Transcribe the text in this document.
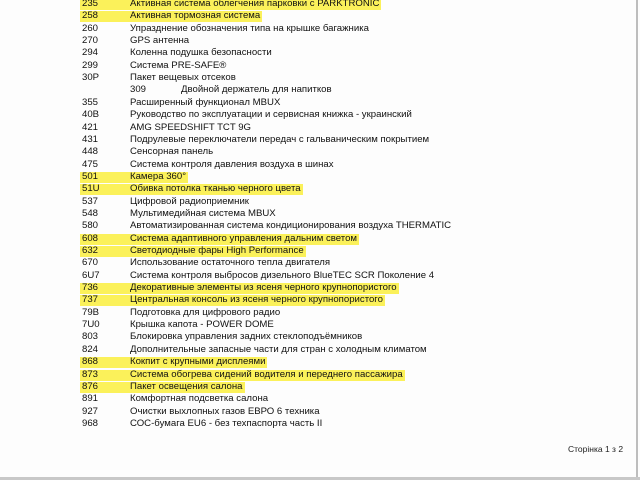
235	Активная система облегчения парковки с PARKTRONIC
258	Активная тормозная система
260	Упразднение обозначения типа на крышке багажника
270	GPS антенна
294	Коленна подушка безопасности
299	Система PRE-SAFE®
30P	Пакет вещевых отсеков
309	Двойной держатель для напитков
355	Расширенный функционал MBUX
40B	Руководство по эксплуатации и сервисная книжка - украинский
421	AMG SPEEDSHIFT TCT 9G
431	Подрулевые переключатели передач с гальваническим покрытием
448	Сенсорная панель
475	Система контроля давления воздуха в шинах
501	Камера 360°
51U	Обивка потолка тканью черного цвета
537	Цифровой радиоприемник
548	Мультимедийная система MBUX
580	Автоматизированная система кондиционирования воздуха THERMATIC
608	Система адаптивного управления дальним светом
632	Светодиодные фары High Performance
670	Использование остаточного тепла двигателя
6U7	Система контроля выбросов дизельного BlueTEC SCR Поколение 4
736	Декоративные элементы из ясеня черного крупнопористого
737	Центральная консоль из ясеня черного крупнопористого
79B	Подготовка для цифрового радио
7U0	Крышка капота - POWER DOME
803	Блокировка управления задних стеклоподъёмников
824	Дополнительные запасные части для стран с холодным климатом
868	Кокпит с крупными дисплеями
873	Система обогрева сидений водителя и переднего пассажира
876	Пакет освещения салона
891	Комфортная подсветка салона
927	Очистки выхлопных газов ЕВРО 6 техника
968	СОС-бумага EU6 - без техпаспорта часть II
Сторінка 1 з 2
